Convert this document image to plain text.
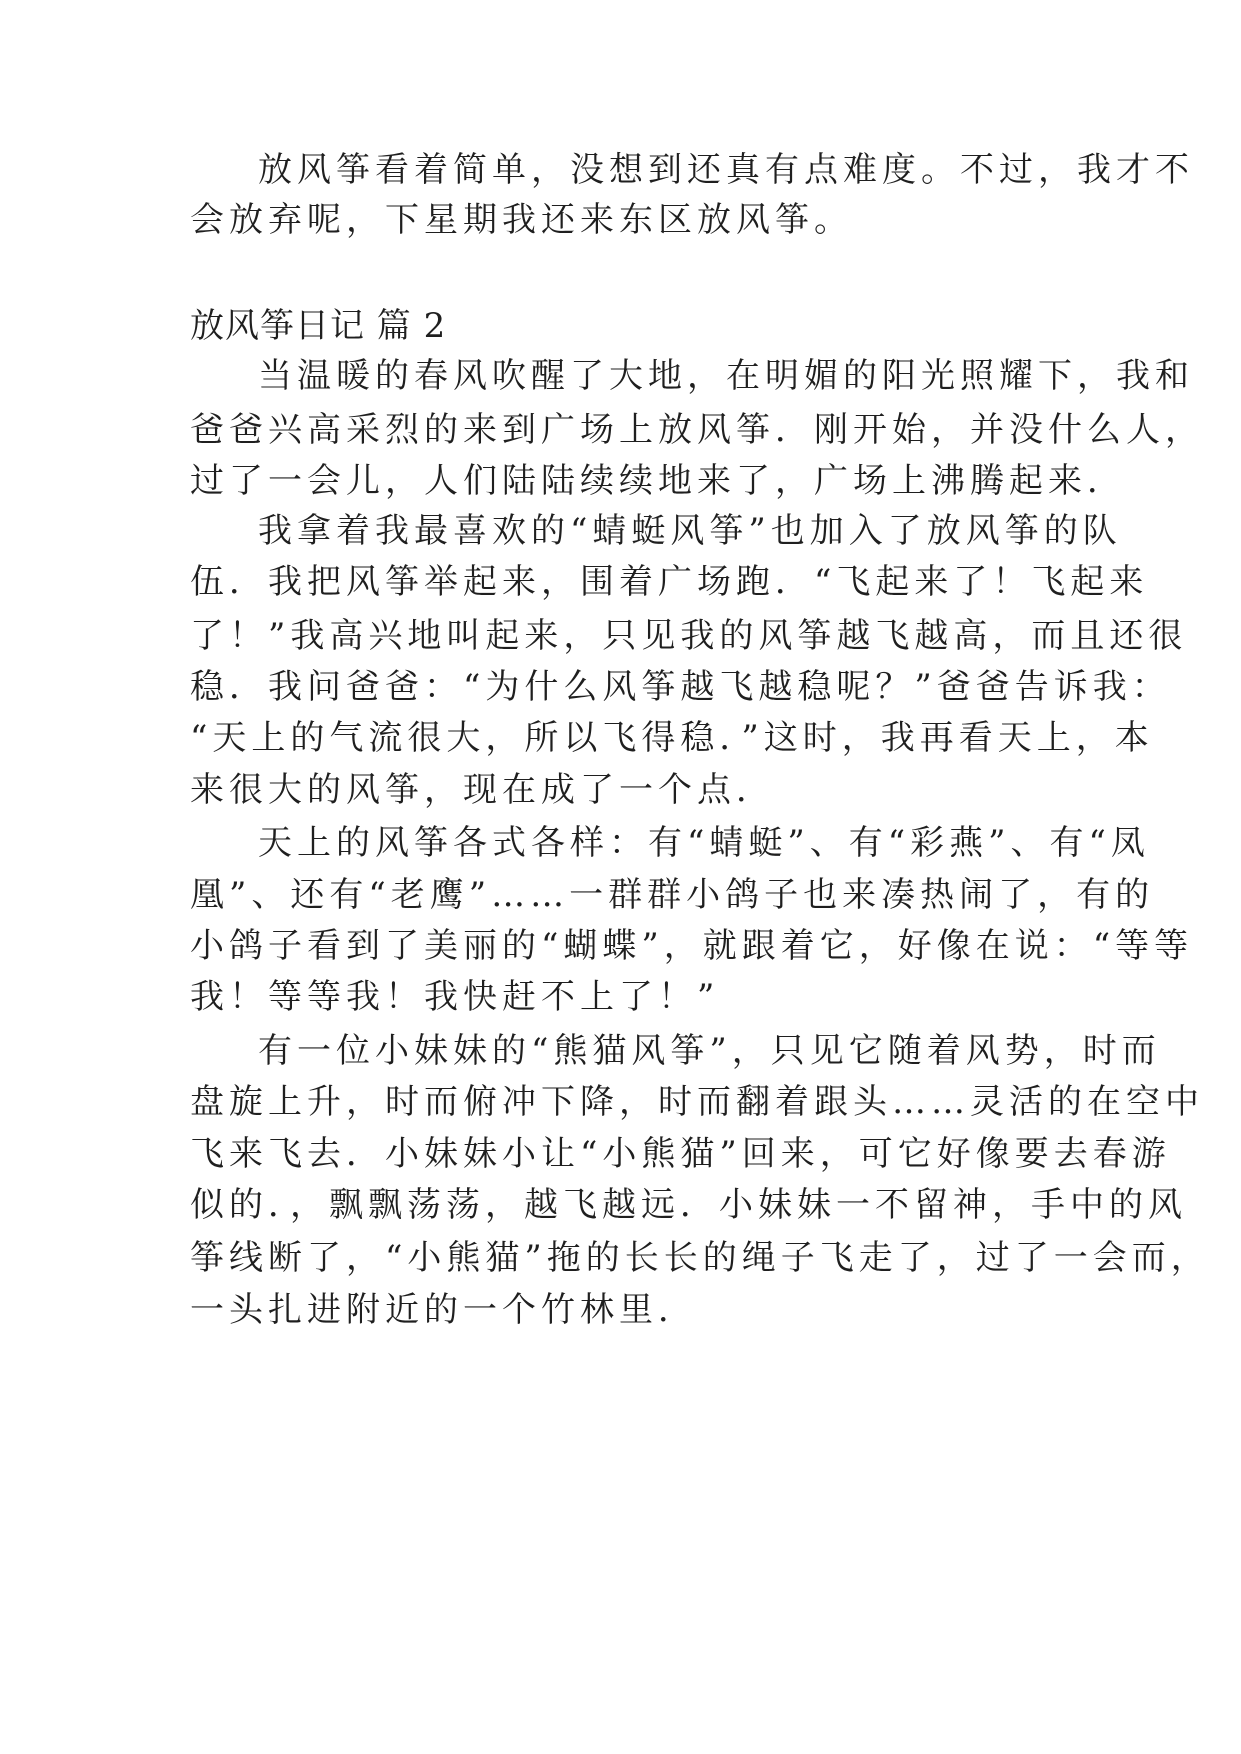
放风筝看着简单，没想到还真有点难度。不过，我才不
会放弃呢，下星期我还来东区放风筝。
放风筝日记 篇 2
当温暖的春风吹醒了大地，在明媚的阳光照耀下，我和
爸爸兴高采烈的来到广场上放风筝．刚开始，并没什么人，
过了一会儿，人们陆陆续续地来了，广场上沸腾起来．
我拿着我最喜欢的“蜻蜓风筝”也加入了放风筝的队
伍．我把风筝举起来，围着广场跑．“飞起来了！飞起来
了！”我高兴地叫起来，只见我的风筝越飞越高，而且还很
稳．我问爸爸：“为什么风筝越飞越稳呢？”爸爸告诉我：
“天上的气流很大，所以飞得稳．”这时，我再看天上，本
来很大的风筝，现在成了一个点．
天上的风筝各式各样：有“蜻蜓”、有“彩燕”、有“凤
凰”、还有“老鹰”……一群群小鸽子也来凑热闹了，有的
小鸽子看到了美丽的“蝴蝶”，就跟着它，好像在说：“等等
我！等等我！我快赶不上了！”
有一位小妹妹的“熊猫风筝”，只见它随着风势，时而
盘旋上升，时而俯冲下降，时而翻着跟头……灵活的在空中
飞来飞去．小妹妹小让“小熊猫”回来，可它好像要去春游
似的．，飘飘荡荡，越飞越远．小妹妹一不留神，手中的风
筝线断了，“小熊猫”拖的长长的绳子飞走了，过了一会而，
一头扎进附近的一个竹林里．
